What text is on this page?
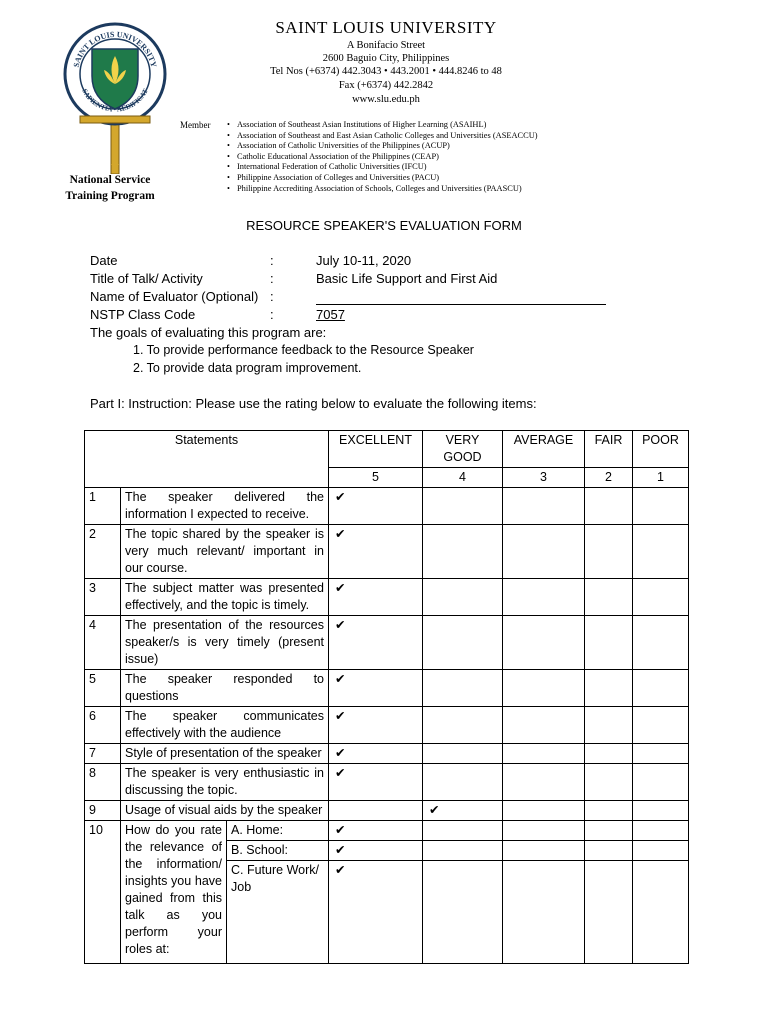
SAINT LOUIS UNIVERSITY
SAPIENTIA • AEDIFICAT
SAINT LOUIS UNIVERSITY
A Bonifacio Street
2600 Baguio City, Philippines
Tel Nos (+6374) 442.3043 • 443.2001 • 444.8246 to 48
Fax (+6374) 442.2842
www.slu.edu.ph
National Service
Training Program
Member	• Association of Southeast Asian Institutions of Higher Learning (ASAIHL)
• Association of Southeast and East Asian Catholic Colleges and Universities (ASEACCU)
• Association of Catholic Universities of the Philippines (ACUP)
• Catholic Educational Association of the Philippines (CEAP)
• International Federation of Catholic Universities (IFCU)
• Philippine Association of Colleges and Universities (PACU)
• Philippine Accrediting Association of Schools, Colleges and Universities (PAASCU)
RESOURCE SPEAKER'S EVALUATION FORM
Date	:	July 10-11, 2020
Title of Talk/ Activity	:	Basic Life Support and First Aid
Name of Evaluator (Optional) :
NSTP Class Code	:	7057
The goals of evaluating this program are:
1. To provide performance feedback to the Resource Speaker
2. To provide data program improvement.
Part I: Instruction: Please use the rating below to evaluate the following items:
Statements			EXCELLENT	VERY GOOD	AVERAGE	FAIR	POOR
			5	4	3	2	1
1	The speaker delivered the information I expected to receive.		✔				
2	The topic shared by the speaker is very much relevant/ important in our course.		✔				
3	The subject matter was presented effectively, and the topic is timely.		✔				
4	The presentation of the resources speaker/s is very timely (present issue)		✔				
5	The speaker responded to questions		✔				
6	The speaker communicates effectively with the audience		✔				
7	Style of presentation of the speaker		✔				
8	The speaker is very enthusiastic in discussing the topic.		✔				
9	Usage of visual aids by the speaker			✔			
10	How do you rate the relevance of the information/ insights you have gained from this talk as you perform your roles at:	A. Home:	✔				
		B. School:	✔				
		C. Future Work/ Job	✔				
